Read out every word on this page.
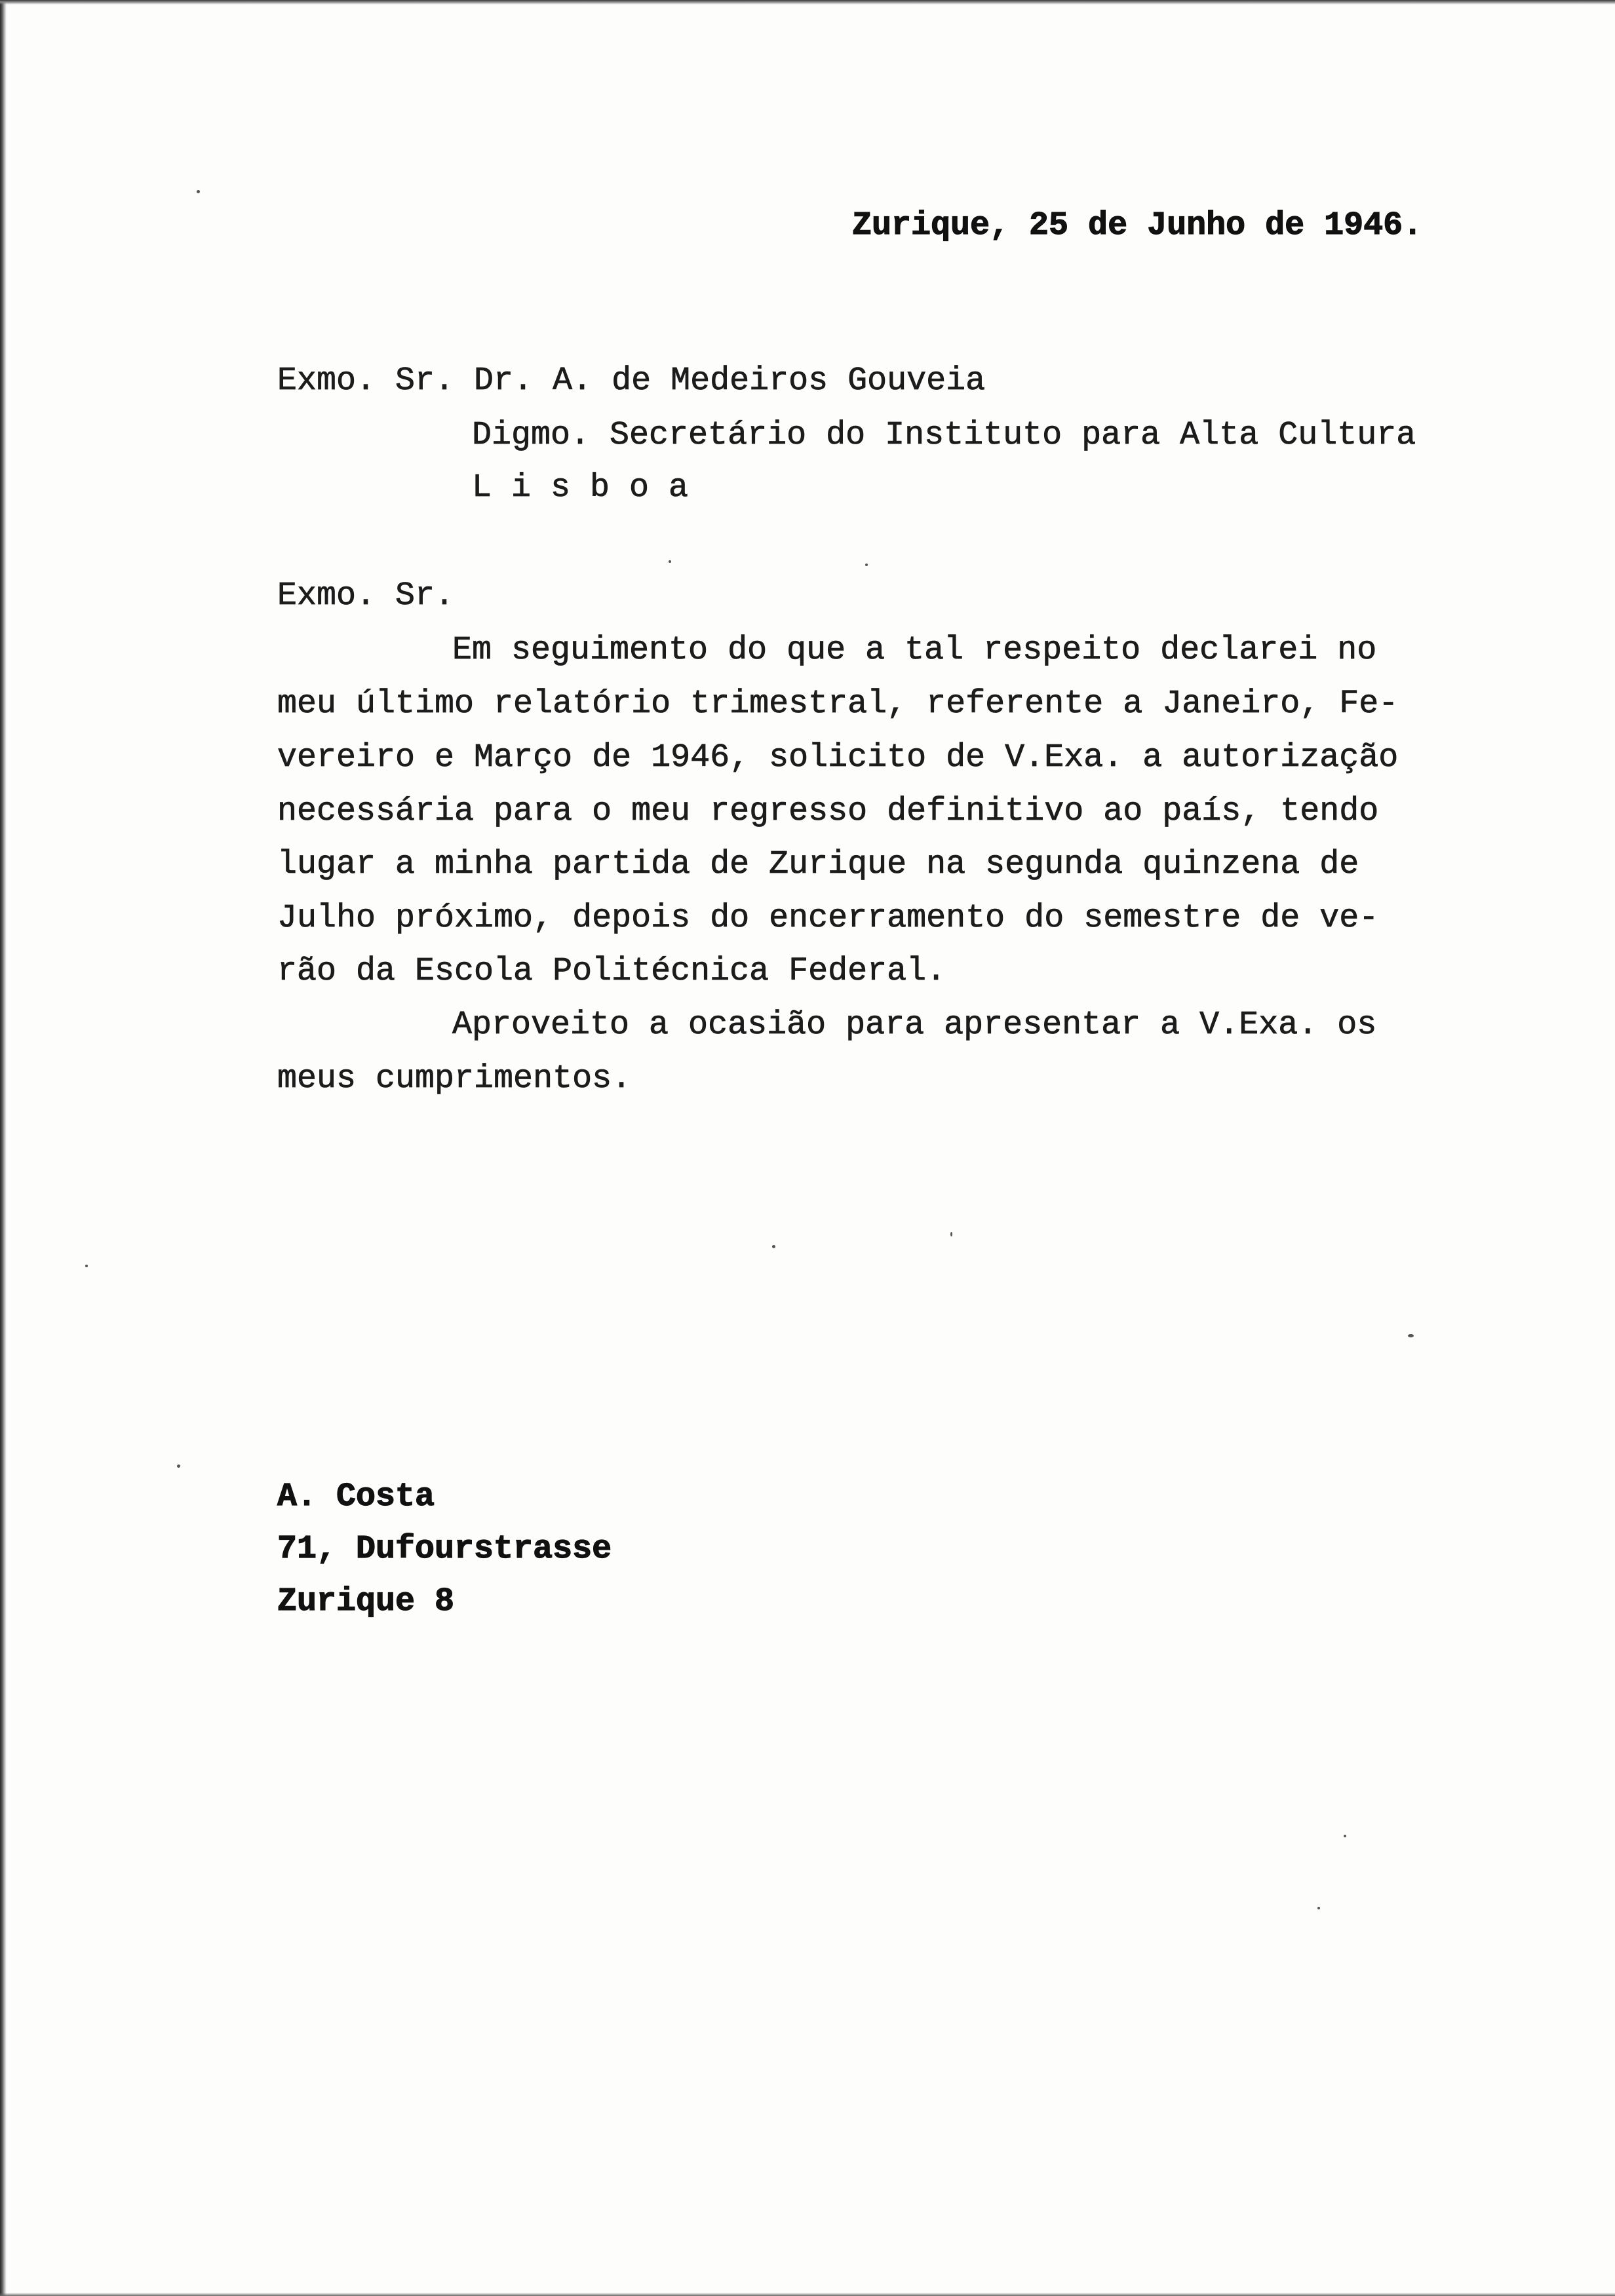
Zurique, 25 de Junho de 1946.

Exmo. Sr. Dr. A. de Medeiros Gouveia

Digmo. Secretário do Instituto para Alta Cultura

L i s b o a

Exmo. Sr.

Em seguimento do que a tal respeito declarei no

meu último relatório trimestral, referente a Janeiro, Fe-

vereiro e Março de 1946, solicito de V.Exa. a autorização

necessária para o meu regresso definitivo ao país, tendo

lugar a minha partida de Zurique na segunda quinzena de

Julho próximo, depois do encerramento do semestre de ve-

rão da Escola Politécnica Federal.

Aproveito a ocasião para apresentar a V.Exa. os

meus cumprimentos.

A. Costa

71, Dufourstrasse

Zurique 8
